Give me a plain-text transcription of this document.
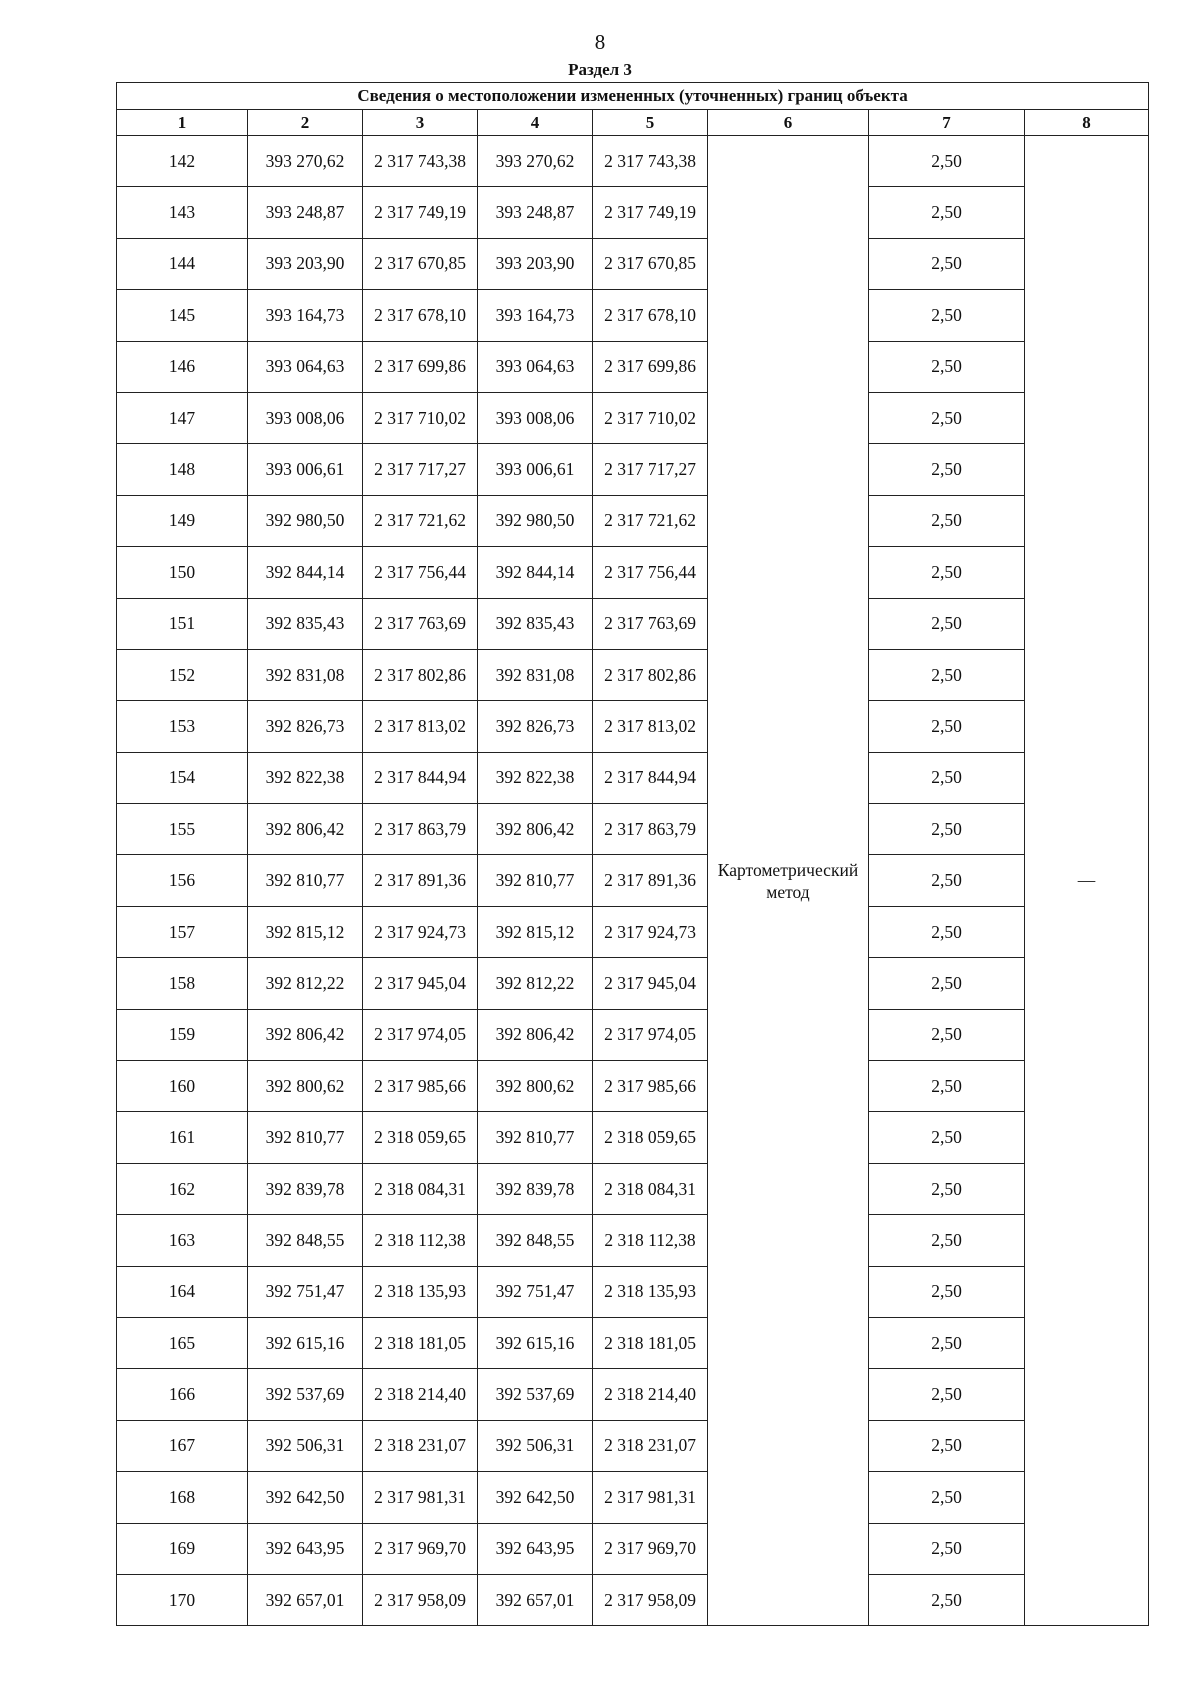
8
Раздел 3
Сведения о местоположении измененных (уточненных) границ объекта							
1	2	3	4	5	6	7	8
142	393 270,62	2 317 743,38	393 270,62	2 317 743,38	Картометрический метод	2,50	—
143	393 248,87	2 317 749,19	393 248,87	2 317 749,19		2,50	
144	393 203,90	2 317 670,85	393 203,90	2 317 670,85		2,50	
145	393 164,73	2 317 678,10	393 164,73	2 317 678,10		2,50	
146	393 064,63	2 317 699,86	393 064,63	2 317 699,86		2,50	
147	393 008,06	2 317 710,02	393 008,06	2 317 710,02		2,50	
148	393 006,61	2 317 717,27	393 006,61	2 317 717,27		2,50	
149	392 980,50	2 317 721,62	392 980,50	2 317 721,62		2,50	
150	392 844,14	2 317 756,44	392 844,14	2 317 756,44		2,50	
151	392 835,43	2 317 763,69	392 835,43	2 317 763,69		2,50	
152	392 831,08	2 317 802,86	392 831,08	2 317 802,86		2,50	
153	392 826,73	2 317 813,02	392 826,73	2 317 813,02		2,50	
154	392 822,38	2 317 844,94	392 822,38	2 317 844,94		2,50	
155	392 806,42	2 317 863,79	392 806,42	2 317 863,79		2,50	
156	392 810,77	2 317 891,36	392 810,77	2 317 891,36		2,50	
157	392 815,12	2 317 924,73	392 815,12	2 317 924,73		2,50	
158	392 812,22	2 317 945,04	392 812,22	2 317 945,04		2,50	
159	392 806,42	2 317 974,05	392 806,42	2 317 974,05		2,50	
160	392 800,62	2 317 985,66	392 800,62	2 317 985,66		2,50	
161	392 810,77	2 318 059,65	392 810,77	2 318 059,65		2,50	
162	392 839,78	2 318 084,31	392 839,78	2 318 084,31		2,50	
163	392 848,55	2 318 112,38	392 848,55	2 318 112,38		2,50	
164	392 751,47	2 318 135,93	392 751,47	2 318 135,93		2,50	
165	392 615,16	2 318 181,05	392 615,16	2 318 181,05		2,50	
166	392 537,69	2 318 214,40	392 537,69	2 318 214,40		2,50	
167	392 506,31	2 318 231,07	392 506,31	2 318 231,07		2,50	
168	392 642,50	2 317 981,31	392 642,50	2 317 981,31		2,50	
169	392 643,95	2 317 969,70	392 643,95	2 317 969,70		2,50	
170	392 657,01	2 317 958,09	392 657,01	2 317 958,09		2,50	
